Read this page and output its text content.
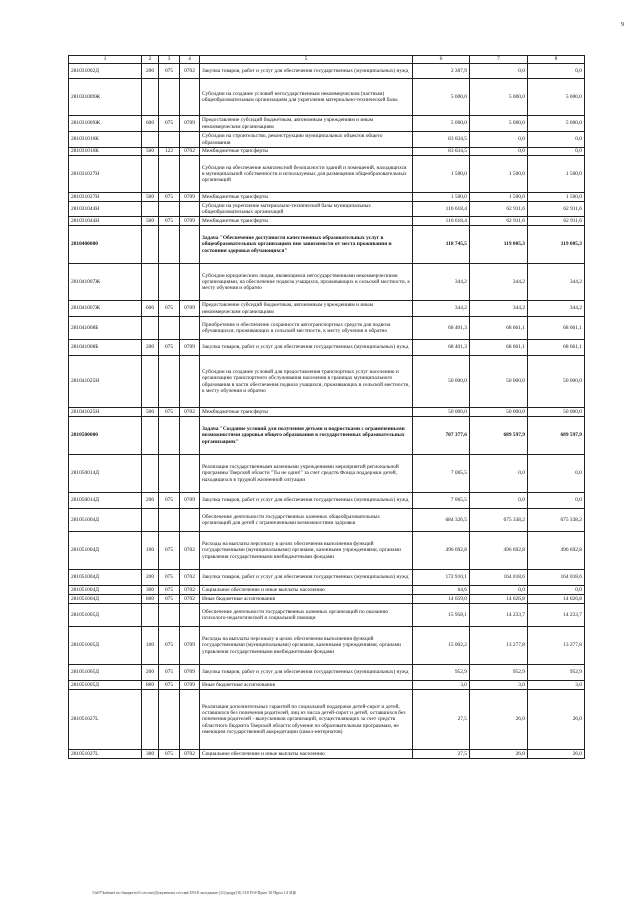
9
1	2	3	4	5	6	7	8
281031002Д	200	075	0702	Закупка товаров, работ и услуг для обеспечения государственных (муниципальных) нужд	2 307,9	0,0	0,0
281031009Ж				Субсидии на создание условий негосударственным некоммерческим (частным) общеобразовательным организациям для укрепления материально-технической базы	5 000,0	5 000,0	5 000,0
281031009Ж	600	075	0709	Предоставление субсидий бюджетным, автономным учреждениям и иным некоммерческим организациям	5 000,0	5 000,0	5 000,0
281031016К				Субсидии на строительство, реконструкцию муниципальных объектов общего образования	83 634,5	0,0	0,0
281031016К	500	122	0702	Межбюджетные трансферты	83 634,5	0,0	0,0
281031027Н				Субсидии на обеспечение комплексной безопасности зданий и помещений, находящихся в муниципальной собственности и используемых для размещения общеобразовательных организаций	1 500,0	1 500,0	1 500,0
281031027Н	500	075	0709	Межбюджетные трансферты	1 500,0	1 500,0	1 500,0
281031044Н				Субсидии на укрепление материально-технической базы муниципальных общеобразовательных организаций	116 618,4	62 911,6	62 911,6
281031044Н	500	075	0709	Межбюджетные трансферты	116 618,4	62 911,6	62 911,6
2810400000				Задача "Обеспечение доступности качественных образовательных услуг в общеобразовательных организациях вне зависимости от места проживания и состояния здоровья обучающихся"	118 745,5	119 005,3	119 005,3
281041007Ж				Субсидии юридическим лицам, являющимся негосударственными некоммерческими организациями, на обеспечение подвоза учащихся, проживающих в сельской местности, к месту обучения и обратно	344,2	344,2	344,2
281041007Ж	600	075	0709	Предоставление субсидий бюджетным, автономным учреждениям и иным некоммерческим организациям	344,2	344,2	344,2
281041008Б				Приобретение и обеспечение сохранности автотранспортных средств для подвоза обучающихся, проживающих в сельской местности, к месту обучения и обратно	68 401,3	68 661,1	68 661,1
281041008Б	200	075	0709	Закупка товаров, работ и услуг для обеспечения государственных (муниципальных) нужд	68 401,3	68 661,1	68 661,1
281041025Н				Субсидии на создание условий для предоставления транспортных услуг населению и организацию транспортного обслуживания населения в границах муниципального образования в части обеспечения подвоза учащихся, проживающих в сельской местности, к месту обучения и обратно	50 000,0	50 000,0	50 000,0
281041025Н	500	075	0702	Межбюджетные трансферты	50 000,0	50 000,0	50 000,0
2810500000				Задача "Создание условий для получения детьми и подростками с ограниченными возможностями здоровья общего образования в государственных образовательных организациях"	707 377,6	689 597,9	689 597,9
281050014Д				Реализация государственными казенными учреждениями мероприятий региональной программы Тверской области "Ты не один!" за счет средств Фонда поддержки детей, находящихся в трудной жизненной ситуации	7 065,5	0,0	0,0
281050014Д	200	075	0709	Закупка товаров, работ и услуг для обеспечения государственных (муниципальных) нужд	7 065,5	0,0	0,0
281051004Д				Обеспечение деятельности государственных казенных общеобразовательных организаций для детей с ограниченными возможностями здоровья	684 326,5	675 338,2	675 338,2
281051004Д	100	075	0702	Расходы на выплаты персоналу в целях обеспечения выполнения функций государственными (муниципальными) органами, казенными учреждениями, органами управления государственными внебюджетными фондами	496 692,8	496 692,8	496 692,8
281051004Д	200	075	0702	Закупка товаров, работ и услуг для обеспечения государственных (муниципальных) нужд	172 910,1	164 018,6	164 018,6
281051004Д	300	075	0702	Социальное обеспечение и иные выплаты населению	64,6	0,0	0,0
281051004Д	800	075	0702	Иные бюджетные ассигнования	14 659,0	14 626,8	14 626,8
281051005Д				Обеспечение деятельности государственных казенных организаций по оказанию психолого-педагогической и социальной помощи	15 958,1	14 233,7	14 233,7
281051005Д	100	075	0709	Расходы на выплаты персоналу в целях обеспечения выполнения функций государственными (муниципальными) органами, казенными учреждениями, органами управления государственными внебюджетными фондами	15 002,2	13 277,8	13 277,8
281051005Д	200	075	0709	Закупка товаров, работ и услуг для обеспечения государственных (муниципальных) нужд	952,9	952,9	952,9
281051005Д	800	075	0709	Иные бюджетные ассигнования	3,0	3,0	3,0
281051027L				Реализация дополнительных гарантий по социальной поддержке детей-сирот и детей, оставшихся без попечения родителей, лиц из числа детей-сирот и детей, оставшихся без попечения родителей - выпускников организаций, осуществляющих за счет средств областного бюджета Тверской области обучение по образовательным программам, не имеющим государственной аккредитации (школ-интернатов)	27,5	26,0	26,0
281051027L	300	075	0702	Социальное обеспечение и иные выплаты населению	27,5	26,0	26,0
\\fs07\kabinet по бюджету\б сессии\Документы сессии\18\18 заседание (11)\ргдр(18) 318 П-б\Прил 10 Прил 14 3ЦБ
